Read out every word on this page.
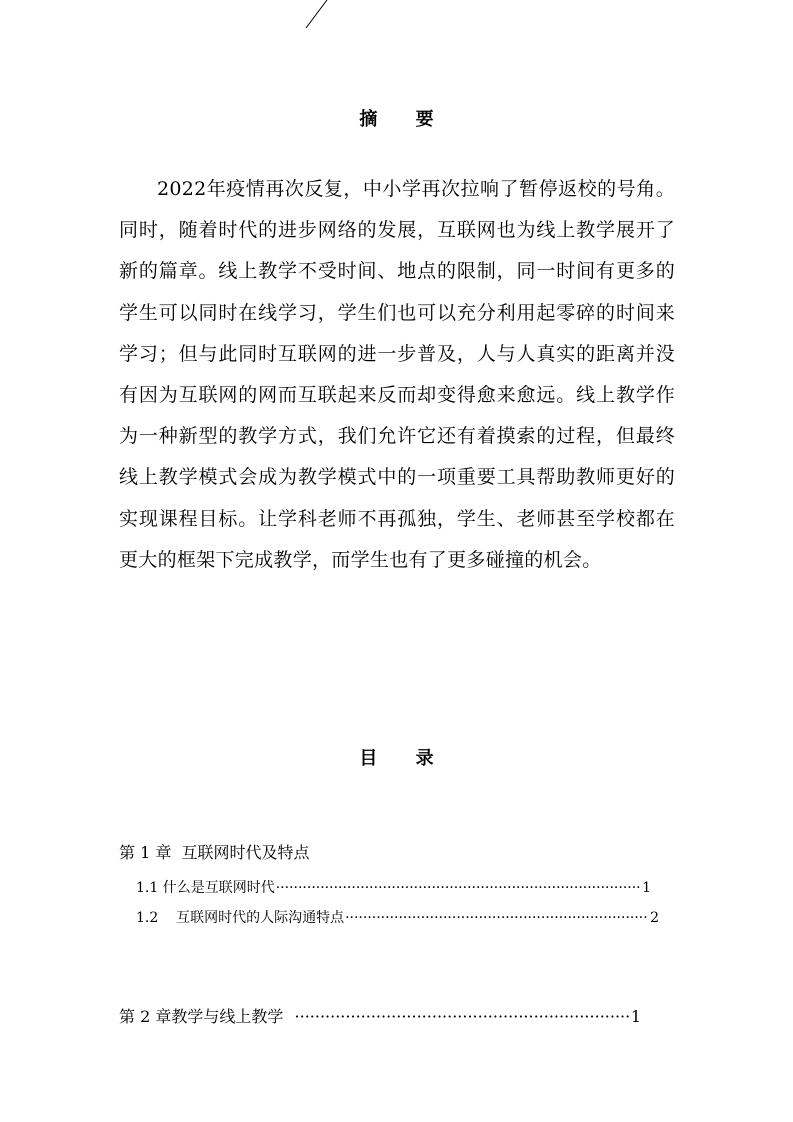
摘 要

2022年疫情再次反复，中小学再次拉响了暂停返校的号角。同时，随着时代的进步网络的发展，互联网也为线上教学展开了新的篇章。线上教学不受时间、地点的限制，同一时间有更多的学生可以同时在线学习，学生们也可以充分利用起零碎的时间来学习；但与此同时互联网的进一步普及，人与人真实的距离并没有因为互联网的网而互联起来反而却变得愈来愈远。线上教学作为一种新型的教学方式，我们允许它还有着摸索的过程，但最终线上教学模式会成为教学模式中的一项重要工具帮助教师更好的实现课程目标。让学科老师不再孤独，学生、老师甚至学校都在更大的框架下完成教学，而学生也有了更多碰撞的机会。

目 录
第 1 章  互联网时代及特点
1.1 什么是互联网时代 ·····	1
1.2    互联网时代的人际沟通特点 ·····	2
第 2 章教学与线上教学 ·····	1
